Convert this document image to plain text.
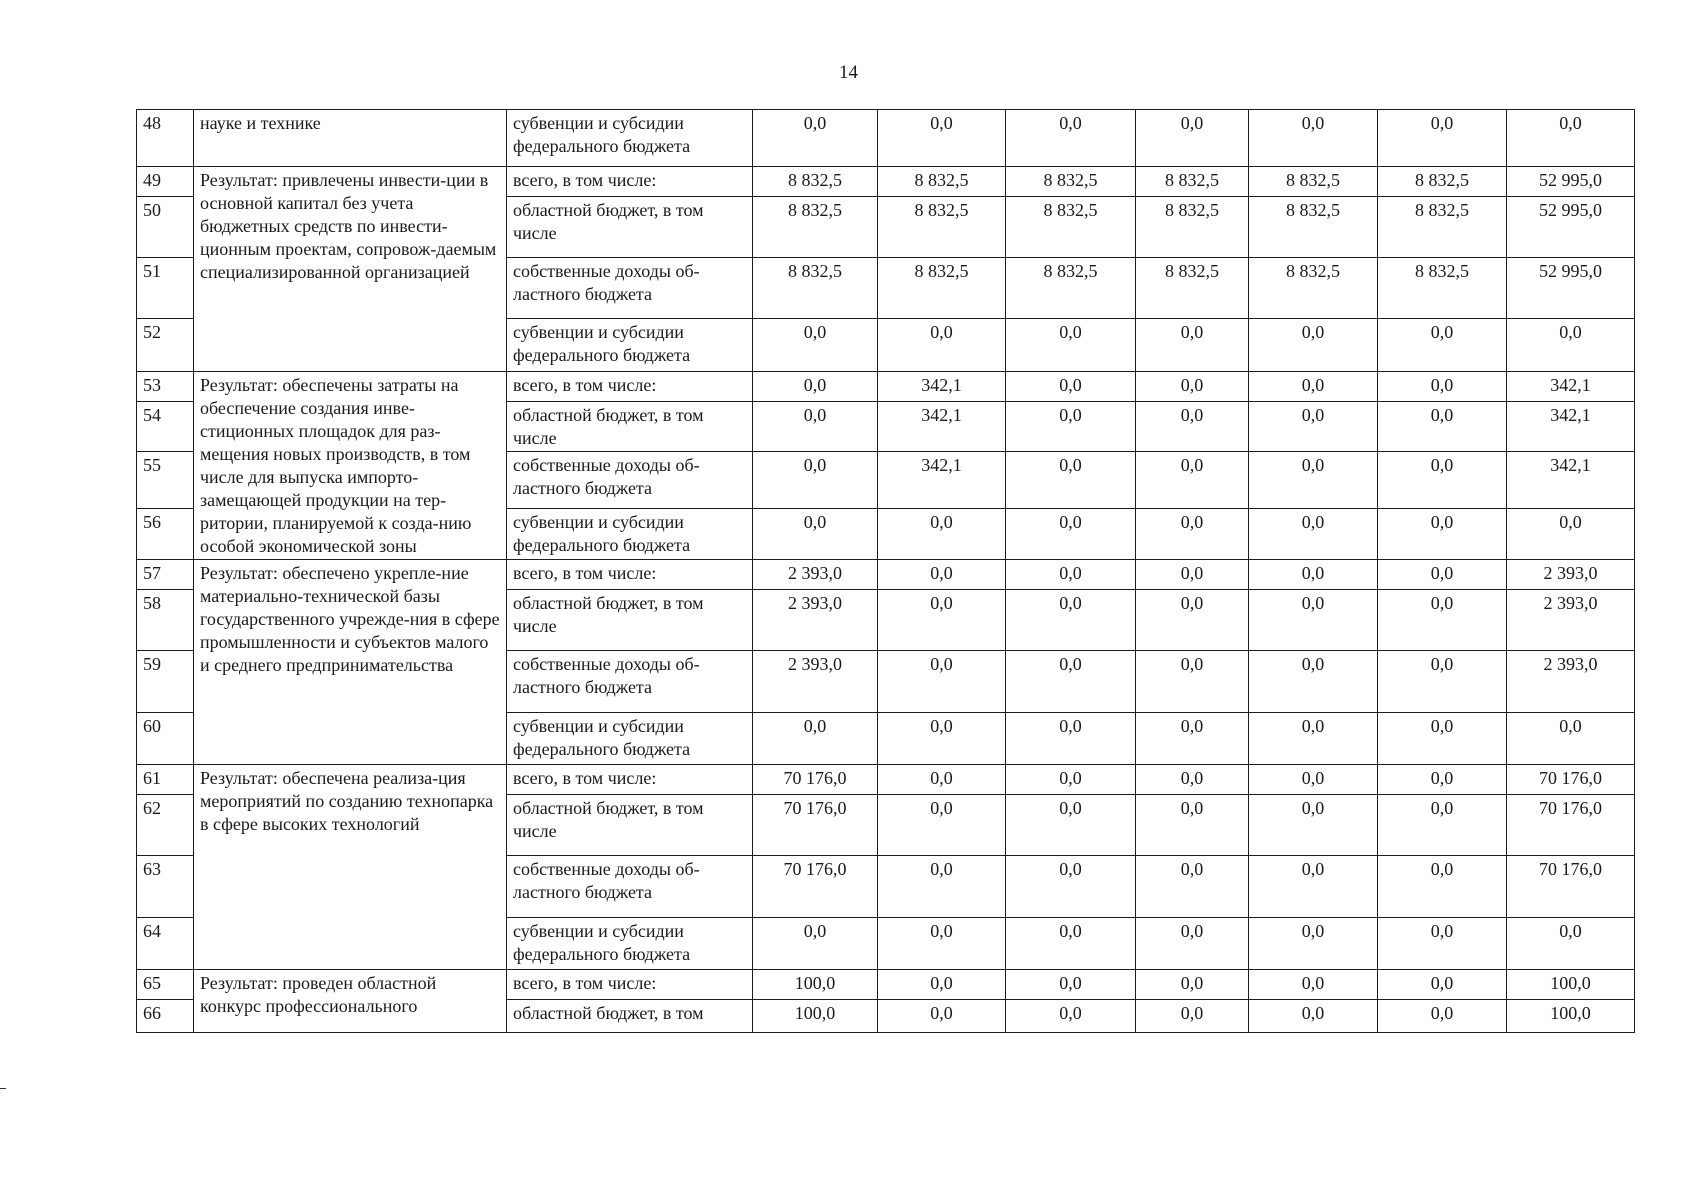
14
48	науке и технике	субвенции и субсидии федерального бюджета	0,0	0,0	0,0	0,0	0,0	0,0	0,0
49	Результат: привлечены инвести-ции в основной капитал без учета бюджетных средств по инвести-ционным проектам, сопровож-даемым специализированной организацией	всего, в том числе:	8 832,5	8 832,5	8 832,5	8 832,5	8 832,5	8 832,5	52 995,0
50		областной бюджет, в том числе	8 832,5	8 832,5	8 832,5	8 832,5	8 832,5	8 832,5	52 995,0
51		собственные доходы об-ластного бюджета	8 832,5	8 832,5	8 832,5	8 832,5	8 832,5	8 832,5	52 995,0
52		субвенции и субсидии федерального бюджета	0,0	0,0	0,0	0,0	0,0	0,0	0,0
53	Результат: обеспечены затраты на обеспечение создания инве-стиционных площадок для раз-мещения новых производств, в том числе для выпуска импорто-замещающей продукции на тер-ритории, планируемой к созда-нию особой экономической зоны	всего, в том числе:	0,0	342,1	0,0	0,0	0,0	0,0	342,1
54		областной бюджет, в том числе	0,0	342,1	0,0	0,0	0,0	0,0	342,1
55		собственные доходы об-ластного бюджета	0,0	342,1	0,0	0,0	0,0	0,0	342,1
56		субвенции и субсидии федерального бюджета	0,0	0,0	0,0	0,0	0,0	0,0	0,0
57	Результат: обеспечено укрепле-ние материально-технической базы государственного учрежде-ния в сфере промышленности и субъектов малого и среднего предпринимательства	всего, в том числе:	2 393,0	0,0	0,0	0,0	0,0	0,0	2 393,0
58		областной бюджет, в том числе	2 393,0	0,0	0,0	0,0	0,0	0,0	2 393,0
59		собственные доходы об-ластного бюджета	2 393,0	0,0	0,0	0,0	0,0	0,0	2 393,0
60		субвенции и субсидии федерального бюджета	0,0	0,0	0,0	0,0	0,0	0,0	0,0
61	Результат: обеспечена реализа-ция мероприятий по созданию технопарка в сфере высоких технологий	всего, в том числе:	70 176,0	0,0	0,0	0,0	0,0	0,0	70 176,0
62		областной бюджет, в том числе	70 176,0	0,0	0,0	0,0	0,0	0,0	70 176,0
63		собственные доходы об-ластного бюджета	70 176,0	0,0	0,0	0,0	0,0	0,0	70 176,0
64		субвенции и субсидии федерального бюджета	0,0	0,0	0,0	0,0	0,0	0,0	0,0
65	Результат: проведен областной конкурс профессионального	всего, в том числе:	100,0	0,0	0,0	0,0	0,0	0,0	100,0
66		областной бюджет, в том	100,0	0,0	0,0	0,0	0,0	0,0	100,0
